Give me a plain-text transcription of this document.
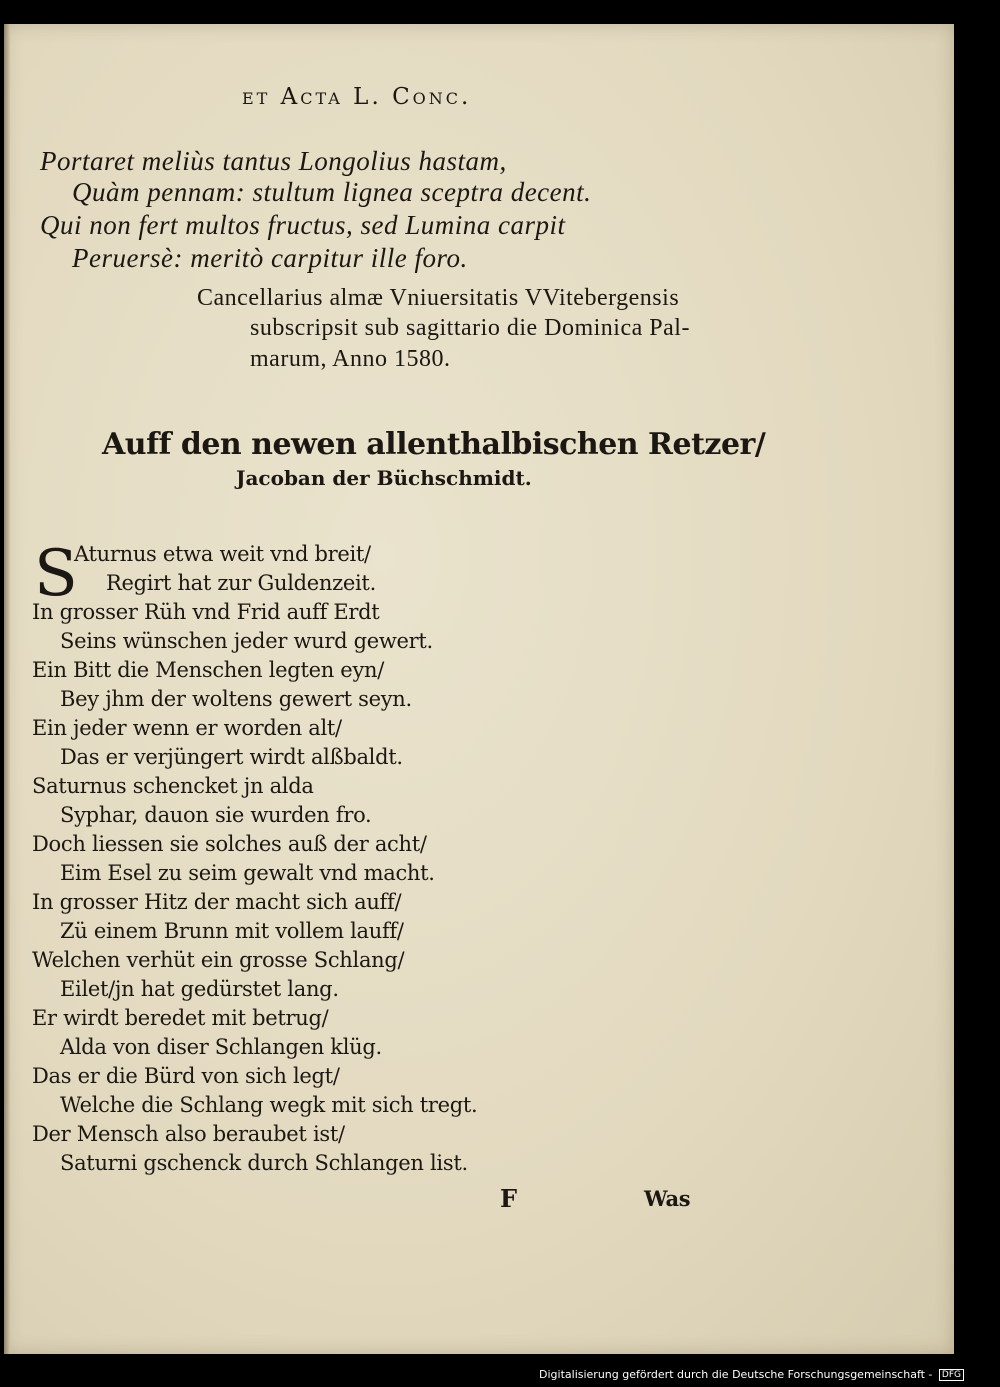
et Acta L. Conc.
Portaret meliùs tantus Longolius hastam,
Quàm pennam: stultum lignea sceptra decent.
Qui non fert multos fructus, sed Lumina carpit
Peruersè: meritò carpitur ille foro.
Cancellarius almæ Vniuersitatis VVitebergensis
subscripsit sub sagittario die Dominica Pal-
marum, Anno 1580.
Auff den newen allenthalbischen Retzer/
Jacoban der Büchschmidt.
S
Aturnus etwa weit vnd breit/
Regirt hat zur Guldenzeit.
In grosser Rüh vnd Frid auff Erdt
Seins wünschen jeder wurd gewert.
Ein Bitt die Menschen legten eyn/
Bey jhm der woltens gewert seyn.
Ein jeder wenn er worden alt/
Das er verjüngert wirdt alßbaldt.
Saturnus schencket jn alda
Syphar, dauon sie wurden fro.
Doch liessen sie solches auß der acht/
Eim Esel zu seim gewalt vnd macht.
In grosser Hitz der macht sich auff/
Zü einem Brunn mit vollem lauff/
Welchen verhüt ein grosse Schlang/
Eilet/jn hat gedürstet lang.
Er wirdt beredet mit betrug/
Alda von diser Schlangen klüg.
Das er die Bürd von sich legt/
Welche die Schlang wegk mit sich tregt.
Der Mensch also beraubet ist/
Saturni gschenck durch Schlangen list.
F	Was
Digitalisierung gefördert durch die Deutsche Forschungsgemeinschaft - DFG
